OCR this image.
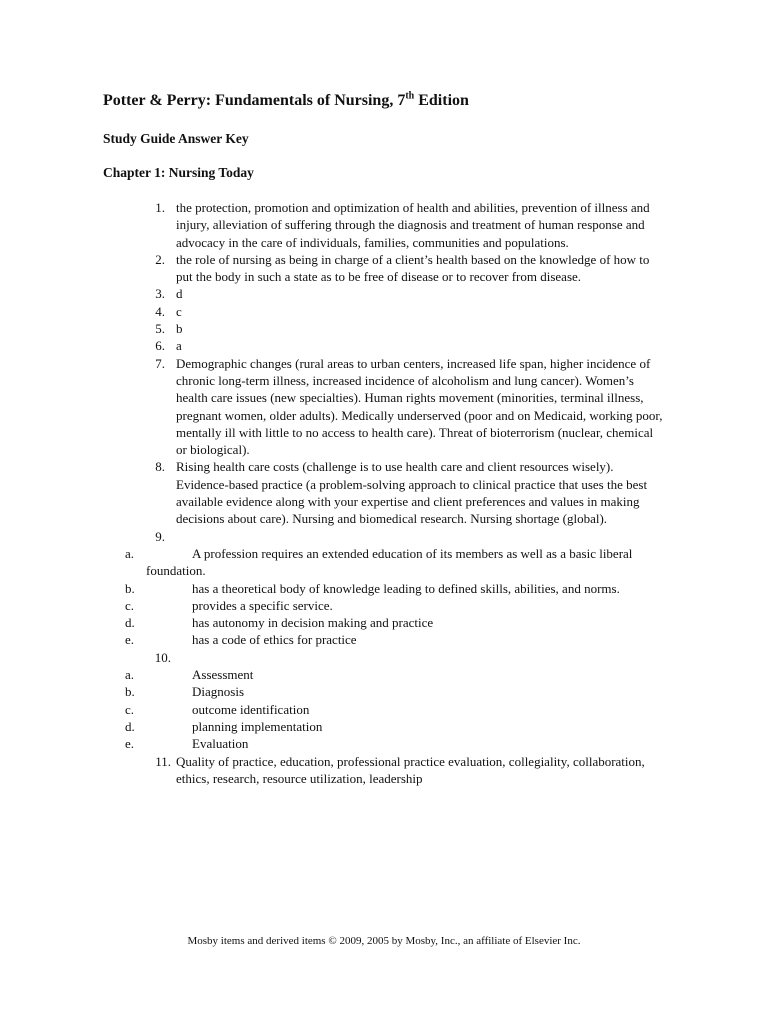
Potter & Perry: Fundamentals of Nursing, 7th Edition
Study Guide Answer Key
Chapter 1: Nursing Today
1. the protection, promotion and optimization of health and abilities, prevention of illness and injury, alleviation of suffering through the diagnosis and treatment of human response and advocacy in the care of individuals, families, communities and populations.
2. the role of nursing as being in charge of a client’s health based on the knowledge of how to put the body in such a state as to be free of disease or to recover from disease.
3. d
4. c
5. b
6. a
7. Demographic changes (rural areas to urban centers, increased life span, higher incidence of chronic long-term illness, increased incidence of alcoholism and lung cancer). Women’s health care issues (new specialties). Human rights movement (minorities, terminal illness, pregnant women, older adults). Medically underserved (poor and on Medicaid, working poor, mentally ill with little to no access to health care). Threat of bioterrorism (nuclear, chemical or biological).
8. Rising health care costs (challenge is to use health care and client resources wisely). Evidence-based practice (a problem-solving approach to clinical practice that uses the best available evidence along with your expertise and client preferences and values in making decisions about care). Nursing and biomedical research. Nursing shortage (global).
9.

a.	A profession requires an extended education of its members as well as a basic liberal foundation.
b.	has a theoretical body of knowledge leading to defined skills, abilities, and norms.
c.	provides a specific service.
d.	has autonomy in decision making and practice
e.	has a code of ethics for practice
10.

a.	Assessment
b.	Diagnosis
c.	outcome identification
d.	planning implementation
e.	Evaluation
11. Quality of practice, education, professional practice evaluation, collegiality, collaboration, ethics, research, resource utilization, leadership
Mosby items and derived items © 2009, 2005 by Mosby, Inc., an affiliate of Elsevier Inc.
